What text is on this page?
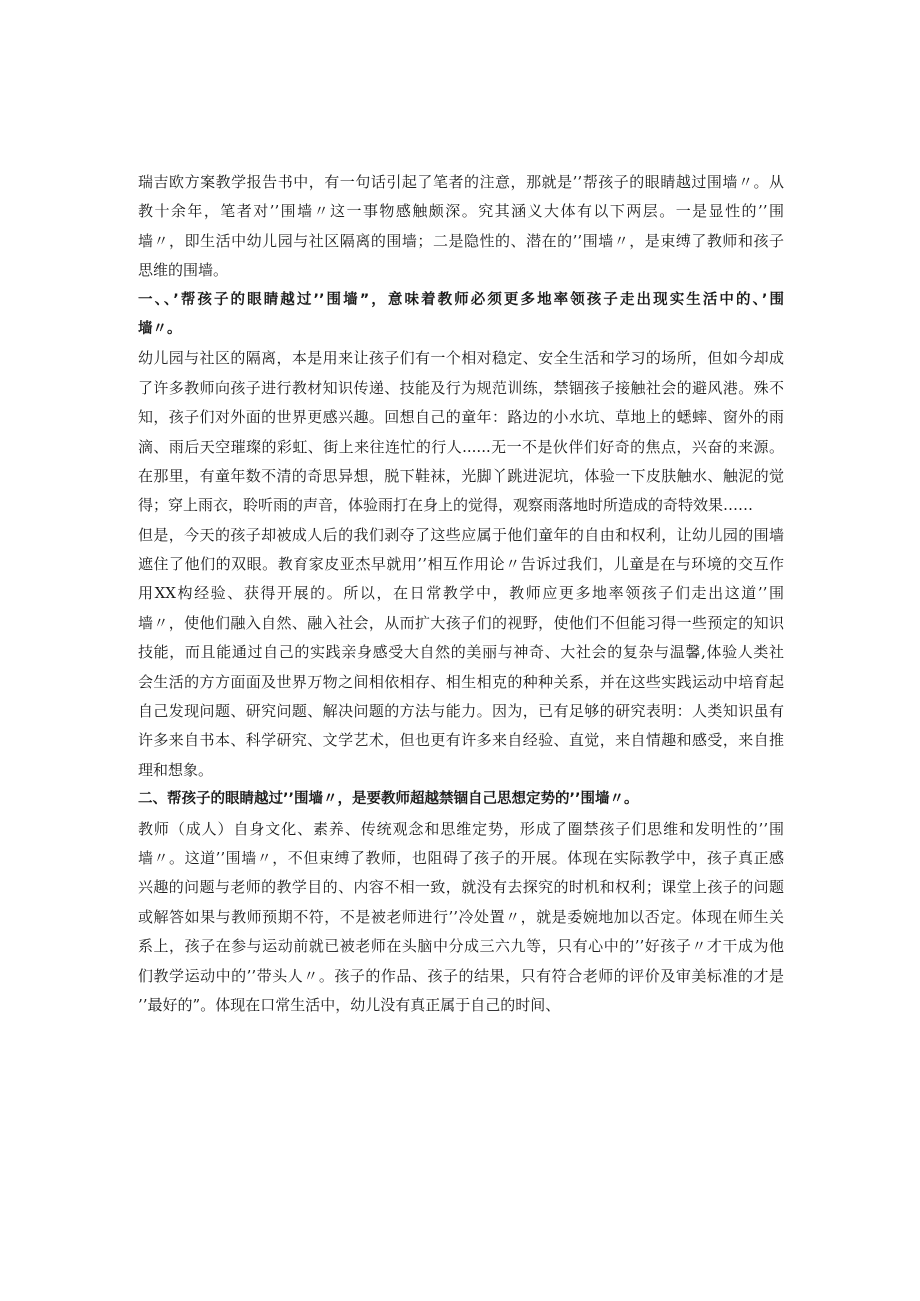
瑞吉欧方案教学报告书中，有一句话引起了笔者的注意，那就是’’帮孩子的眼睛越过围墙〃。从
教十余年，笔者对’’围墙〃这一事物感触颇深。究其涵义大体有以下两层。一是显性的’’围
墙〃，即生活中幼儿园与社区隔离的围墙；二是隐性的、潜在的’’围墙〃，是束缚了教师和孩子
思维的围墙。
一、、’帮孩子的眼睛越过’’围墙”，意味着教师必须更多地率领孩子走出现实生活中的、’围
墙〃。
幼儿园与社区的隔离，本是用来让孩子们有一个相对稳定、安全生活和学习的场所，但如今却成
了许多教师向孩子进行教材知识传递、技能及行为规范训练，禁锢孩子接触社会的避风港。殊不
知，孩子们对外面的世界更感兴趣。回想自己的童年：路边的小水坑、草地上的蟋蟀、窗外的雨
滴、雨后天空璀璨的彩虹、街上来往连忙的行人......无一不是伙伴们好奇的焦点，兴奋的来源。
在那里，有童年数不清的奇思异想，脱下鞋袜，光脚丫跳进泥坑，体验一下皮肤触水、触泥的觉
得；穿上雨衣，聆听雨的声音，体验雨打在身上的觉得，观察雨落地时所造成的奇特效果……
但是，今天的孩子却被成人后的我们剥夺了这些应属于他们童年的自由和权利，让幼儿园的围墙
遮住了他们的双眼。教育家皮亚杰早就用’’相互作用论〃告诉过我们，儿童是在与环境的交互作
用XX构经验、获得开展的。所以，在日常教学中，教师应更多地率领孩子们走出这道’’围
墙〃，使他们融入自然、融入社会，从而扩大孩子们的视野，使他们不但能习得一些预定的知识
技能，而且能通过自己的实践亲身感受大自然的美丽与神奇、大社会的复杂与温馨,体验人类社
会生活的方方面面及世界万物之间相依相存、相生相克的种种关系，并在这些实践运动中培育起
自己发现问题、研究问题、解决问题的方法与能力。因为，已有足够的研究表明：人类知识虽有
许多来自书本、科学研究、文学艺术，但也更有许多来自经验、直觉，来自情趣和感受，来自推
理和想象。
二、帮孩子的眼睛越过’’围墙〃，是要教师超越禁锢自己思想定势的’’围墙〃。
教师（成人）自身文化、素养、传统观念和思维定势，形成了圈禁孩子们思维和发明性的’’围
墙〃。这道’’围墙〃，不但束缚了教师，也阻碍了孩子的开展。体现在实际教学中，孩子真正感
兴趣的问题与老师的教学目的、内容不相一致，就没有去探究的时机和权利；课堂上孩子的问题
或解答如果与教师预期不符，不是被老师进行’’冷处置〃，就是委婉地加以否定。体现在师生关
系上，孩子在参与运动前就已被老师在头脑中分成三六九等，只有心中的’’好孩子〃才干成为他
们教学运动中的’’带头人〃。孩子的作品、孩子的结果，只有符合老师的评价及审美标准的才是
’’最好的”。体现在口常生活中，幼儿没有真正属于自己的时间、
